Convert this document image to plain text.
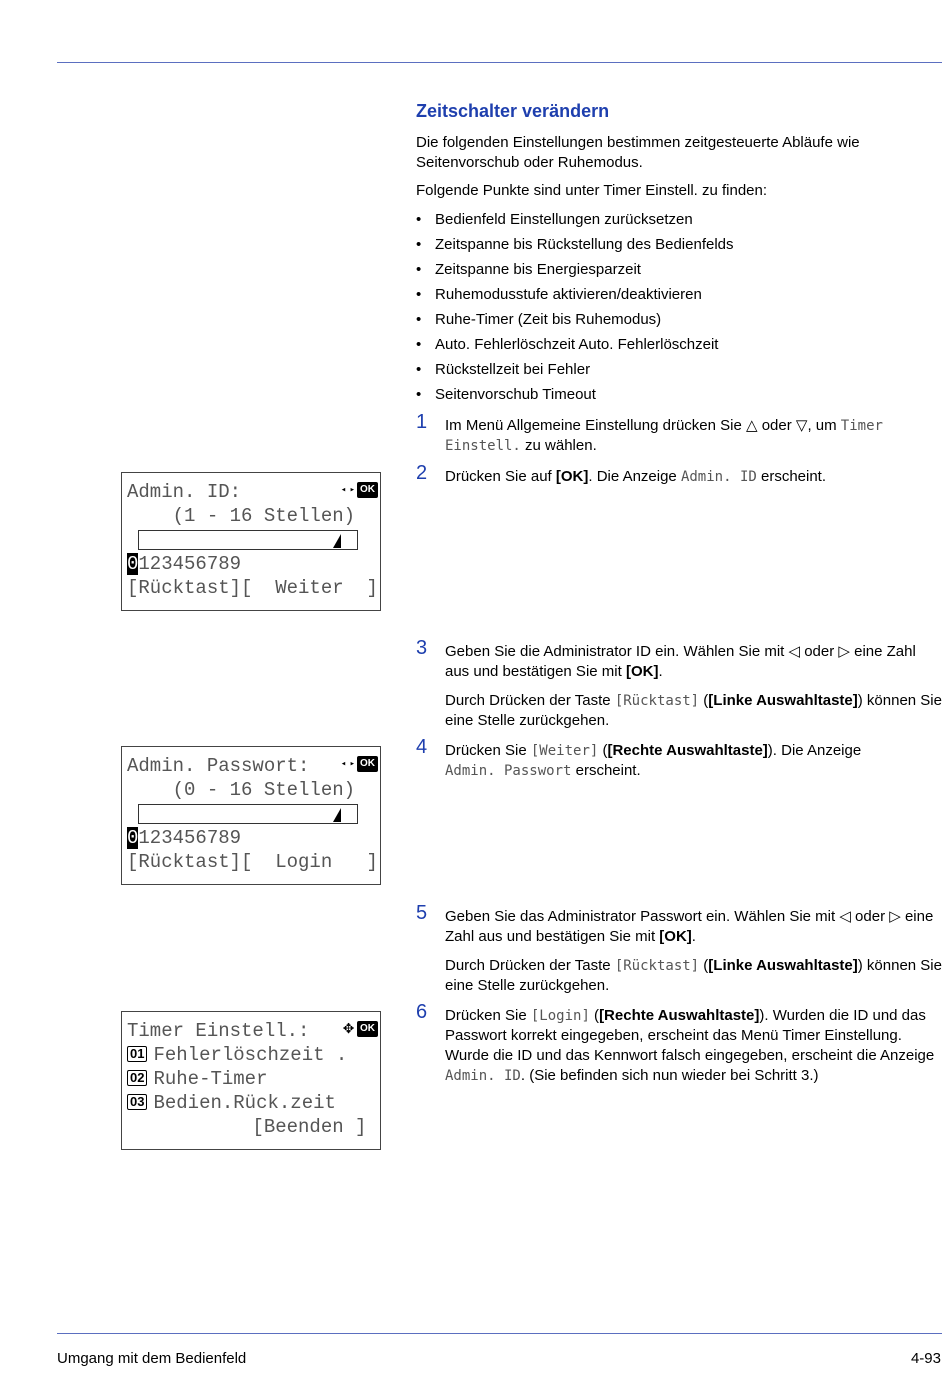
Zeitschalter verändern
Die folgenden Einstellungen bestimmen zeitgesteuerte Abläufe wie Seitenvorschub oder Ruhemodus.
Folgende Punkte sind unter Timer Einstell. zu finden:
• Bedienfeld Einstellungen zurücksetzen
• Zeitspanne bis Rückstellung des Bedienfelds
• Zeitspanne bis Energiesparzeit
• Ruhemodusstufe aktivieren/deaktivieren
• Ruhe-Timer (Zeit bis Ruhemodus)
• Auto. Fehlerlöschzeit Auto. Fehlerlöschzeit
• Rückstellzeit bei Fehler
• Seitenvorschub Timeout
1 Im Menü Allgemeine Einstellung drücken Sie △ oder ▽, um Timer
Einstell. zu wählen.
2 Drücken Sie auf [OK]. Die Anzeige Admin. ID erscheint.
Admin. ID:	◂ ▸ OK
(1 - 16 Stellen)
0123456789
[Rücktast][  Weiter  ]
3 Geben Sie die Administrator ID ein. Wählen Sie mit ◁ oder ▷ eine Zahl aus und bestätigen Sie mit [OK].
Durch Drücken der Taste [Rücktast] ([Linke Auswahltaste]) können Sie eine Stelle zurückgehen.
4 Drücken Sie [Weiter] ([Rechte Auswahltaste]). Die Anzeige
Admin. Passwort erscheint.
Admin. Passwort:	◂ ▸ OK
(0 - 16 Stellen)
0123456789
[Rücktast][  Login   ]
5 Geben Sie das Administrator Passwort ein. Wählen Sie mit ◁ oder ▷ eine Zahl aus und bestätigen Sie mit [OK].
Durch Drücken der Taste [Rücktast] ([Linke Auswahltaste]) können Sie eine Stelle zurückgehen.
6 Drücken Sie [Login] ([Rechte Auswahltaste]). Wurden die ID und das Passwort korrekt eingegeben, erscheint das Menü Timer Einstellung. Wurde die ID und das Kennwort falsch eingegeben, erscheint die Anzeige Admin. ID. (Sie befinden sich nun wieder bei Schritt 3.)
Timer Einstell.: ✥ OK
01 Fehlerlöschzeit .
02 Ruhe-Timer
03 Bedien.Rück.zeit
[Beenden ]
Umgang mit dem Bedienfeld	4-93
